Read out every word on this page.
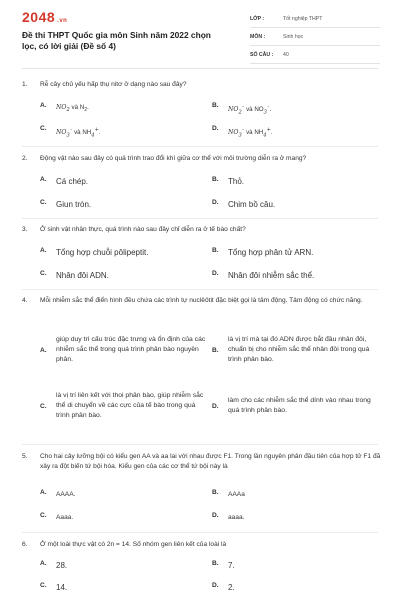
2048 .vn
Đề thi THPT Quốc gia môn Sinh năm 2022 chọn lọc, có lời giải (Đề số 4)
LỚP :	Tốt nghiệp THPT
MÔN :	Sinh học
SỐ CÂU :	40
1.	Rễ cây chủ yếu hấp thụ nitơ ở dạng nào sau đây?
A.	$NO_2$ và $N_2$.	B.
$NO_2^-$ và $NO_3^-$.
C.
$NO_3^-$ và $NH_4^+$.
D.
$NO_3^-$ và $NH_4^+$.
2.	Động vật nào sau đây có quá trình trao đổi khí giữa cơ thể với môi trường diễn ra ở mang?
A.	Cá chép.	B.	Thỏ.
C.	Giun tròn.	D.	Chim bồ câu.
3.	Ở sinh vật nhân thực, quá trình nào sau đây chỉ diễn ra ở tế bào chất?
A.	Tổng hợp chuỗi pôlipeptit.	B.	Tổng hợp phân tử ARN.
C.	Nhân đôi ADN.	D.	Nhân đôi nhiễm sắc thể.
4.	Mỗi nhiễm sắc thể điển hình đều chứa các trình tự nuclêôtit đặc biệt gọi là tâm động. Tâm động có chức năng.
A.
giúp duy trì cấu trúc đặc trưng và ổn định của các nhiễm sắc thể trong quá trình phân bào nguyên phân.
B.
là vị trí mà tại đó ADN được bắt đầu nhân đôi, chuẩn bị cho nhiễm sắc thể nhân đôi trong quá trình phân bào.
C.
là vị trí liên kết với thoi phân bào, giúp nhiễm sắc thể di chuyển về các cực của tế bào trong quá trình phân bào.
D.
làm cho các nhiễm sắc thể dính vào nhau trong quá trình phân bào.
5.	Cho hai cây lưỡng bội có kiểu gen AA và aa lai với nhau được F1. Trong lần nguyên phân đầu tiên của hợp tử F1 đã xảy ra đột biến tứ bội hóa. Kiểu gen của các cơ thể tứ bội này là
A.	AAAA.	B.	AAAa
C.	Aaaa.	D.	aaaa.
6.	Ở một loài thực vật có 2n = 14. Số nhóm gen liên kết của loài là
A.	28.	B.	7.
C.	14.	D.	2.
